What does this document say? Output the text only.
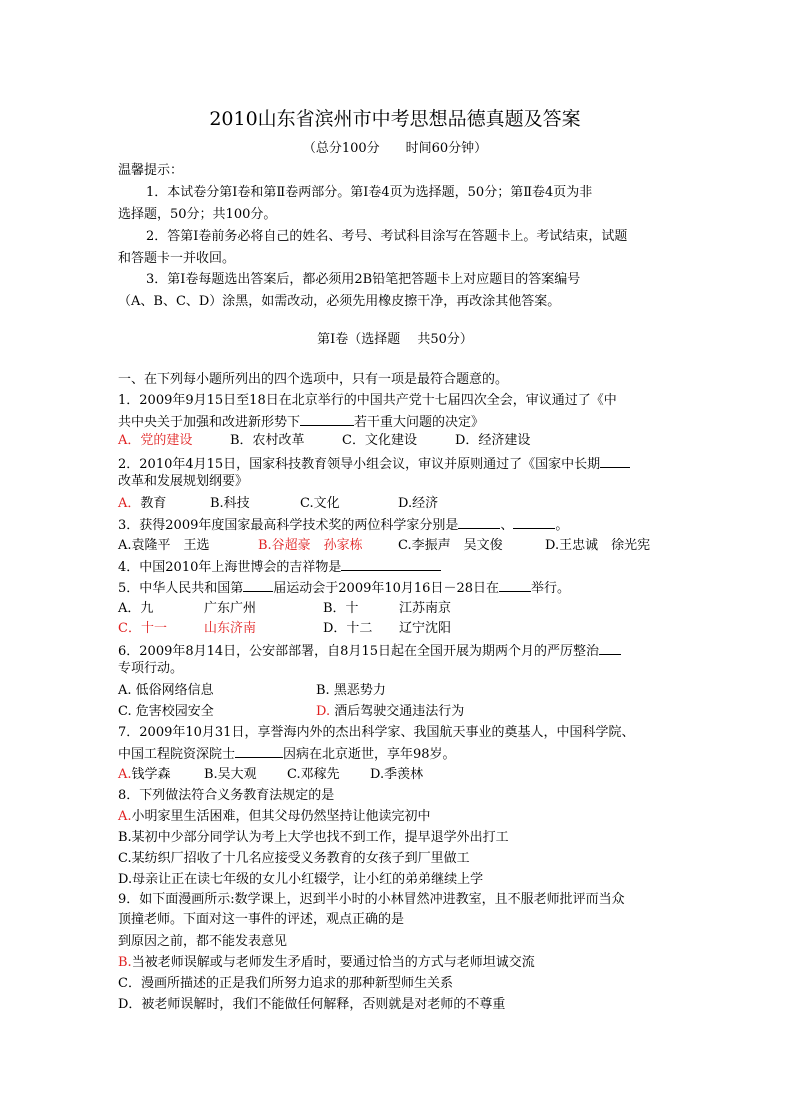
2010山东省滨州市中考思想品德真题及答案
（总分100分　　时间60分钟）
温馨提示：
1．本试卷分第Ⅰ卷和第Ⅱ卷两部分。第Ⅰ卷4页为选择题，50分；第Ⅱ卷4页为非
选择题，50分；共100分。
2．答第Ⅰ卷前务必将自己的姓名、考号、考试科目涂写在答题卡上。考试结束，试题
和答题卡一并收回。
3．第Ⅰ卷每题选出答案后，都必须用2B铅笔把答题卡上对应题目的答案编号
（A、B、C、D）涂黑，如需改动，必须先用橡皮擦干净，再改涂其他答案。
第Ⅰ卷（选择题　 共50分）
一、在下列每小题所列出的四个选项中，只有一项是最符合题意的。
1．2009年9月15日至18日在北京举行的中国共产党十七届四次全会，审议通过了《中
共中央关于加强和改进新形势下	若干重大问题的决定》
A．党的建设	B．农村改革	C．文化建设	D．经济建设
2．2010年4月15日，国家科技教育领导小组会议，审议并原则通过了《国家中长期
改革和发展规划纲要》
A． 教育	B.科技	C.文化	D.经济
3．获得2009年度国家最高科学技术奖的两位科学家分别是	、	。
A.袁隆平　王选	B.谷超豪　孙家栋	C.李振声　吴文俊	D.王忠诚　徐光宪
4．中国2010年上海世博会的吉祥物是
5．中华人民共和国第 届运动会于2009年10月16日－28日在 举行。
A．九	广东广州	B．十	江苏南京
C．十一	山东济南	D．十二 辽宁沈阳
6．2009年8月14日，公安部部署，自8月15日起在全国开展为期两个月的严厉整治
专项行动。
A. 低俗网络信息	B. 黑恶势力
C. 危害校园安全	D. 酒后驾驶交通违法行为
7．2009年10月31日，享誉海内外的杰出科学家、我国航天事业的奠基人，中国科学院、
中国工程院资深院士	因病在北京逝世，享年98岁。
A.钱学森	B.吴大观 C.邓稼先 D.季羡林
8．下列做法符合义务教育法规定的是
A.小明家里生活困难，但其父母仍然坚持让他读完初中
B.某初中少部分同学认为考上大学也找不到工作，提早退学外出打工
C.某纺织厂招收了十几名应接受义务教育的女孩子到厂里做工
D.母亲让正在读七年级的女儿小红辍学，让小红的弟弟继续上学
9．如下面漫画所示:数学课上，迟到半小时的小林冒然冲进教室，且不服老师批评而当众
顶撞老师。下面对这一事件的评述，观点正确的是
到原因之前，都不能发表意见
B.当被老师误解或与老师发生矛盾时，要通过恰当的方式与老师坦诚交流
C．漫画所描述的正是我们所努力追求的那种新型师生关系
D．被老师误解时，我们不能做任何解释，否则就是对老师的不尊重
